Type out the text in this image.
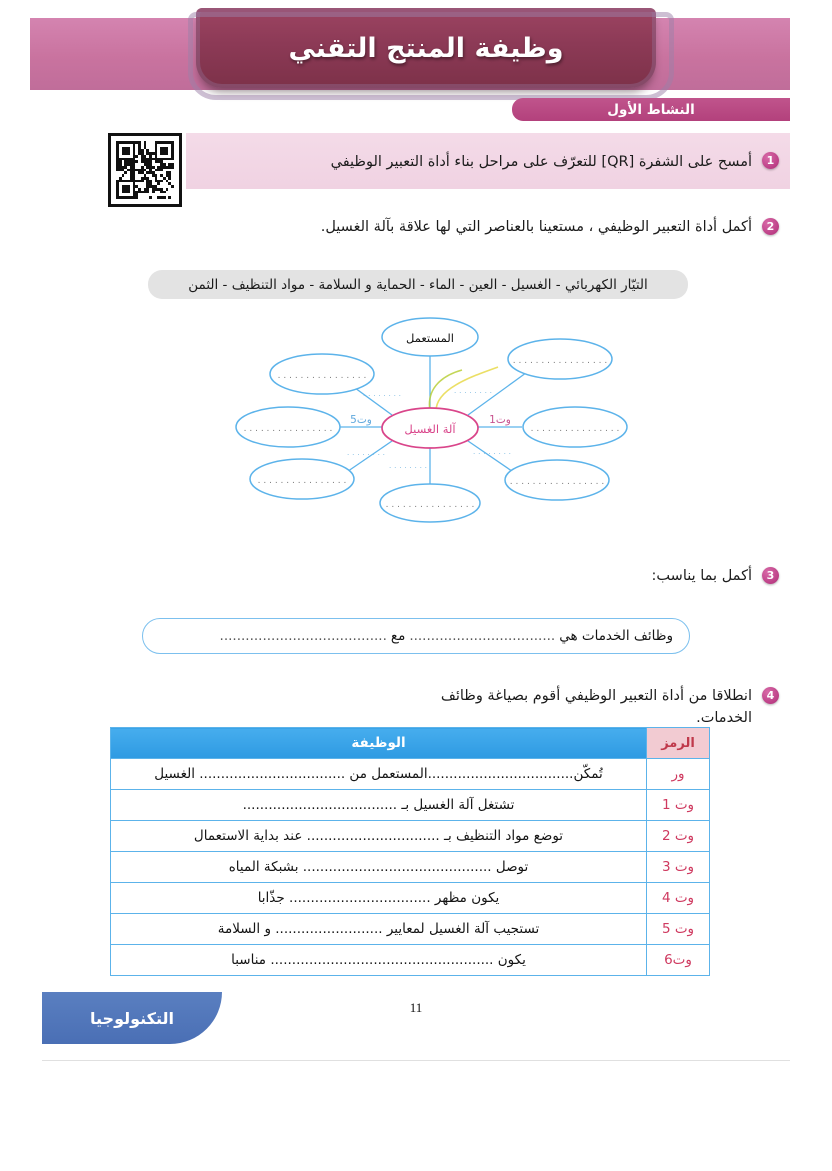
وظيفة المنتج التقني
النشاط الأول
1
أمسح على الشفرة [QR] للتعرّف على مراحل بناء أداة التعبير الوظيفي
2
أكمل أداة التعبير الوظيفي ، مستعينا بالعناصر التي لها علاقة بآلة الغسيل.
التيّار الكهربائي - الغسيل - العين - الماء - الحماية و السلامة - مواد التنظيف - الثمن
المستعمل
آلة الغسيل
وت1
وت5
. . . . . . . . . . . . . . . . .
. . . . . . . . . . . . . . . .
. . . . . . . . . . . . . . . . .
. . . . . . . . . . . . . . . .
. . . . . . . . . . . . . . . .
. . . . . . . . . . . . . . . .
. . . . . . . . . . . . . . . .
. . . . . . . .
. . . . . . . .
. . . . . . . .
. . . . . . . .
. . . . . . . .
3
أكمل بما يناسب:
وظائف الخدمات هي
..................................
مع
.......................................
4
انطلاقا من أداة التعبير الوظيفي أقوم بصياغة وظائف الخدمات.
الرمز	الوظيفة
ور	تُمكّن..................................المستعمل من .................................. الغسيل
وت 1	تشتغل آلة الغسيل بـ ....................................
وت 2	توضع مواد التنظيف بـ ............................... عند بداية الاستعمال
وت 3	توصل ............................................ بشبكة المياه
وت 4	يكون مظهر ................................. جذّابا
وت 5	تستجيب آلة الغسيل لمعايير ......................... و السلامة
وت6	يكون .................................................... مناسبا
التكنولوجيا
11
